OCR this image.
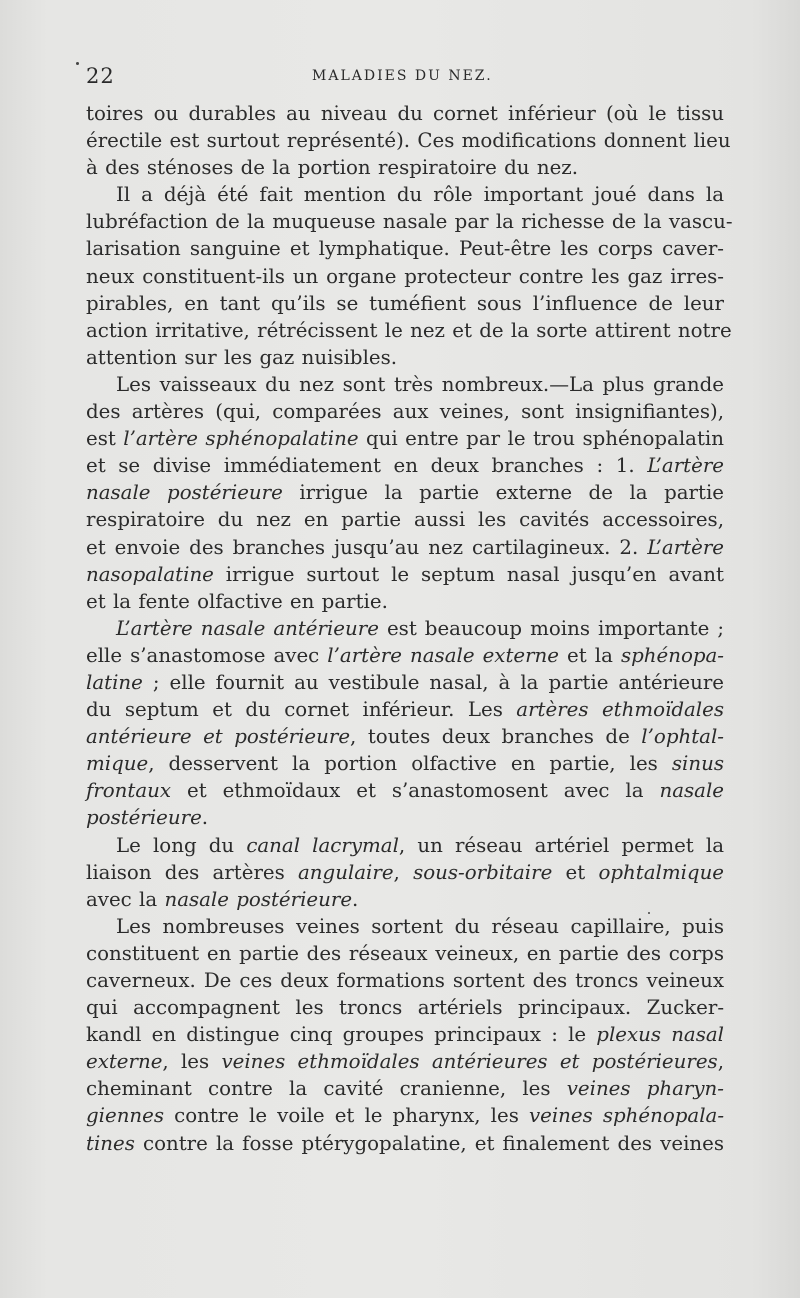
22	MALADIES DU NEZ.
toires ou durables au niveau du cornet inférieur (où le tissu
érectile est surtout représenté). Ces modifications donnent lieu
à des sténoses de la portion respiratoire du nez.
Il a déjà été fait mention du rôle important joué dans la
lubréfaction de la muqueuse nasale par la richesse de la vascu-
larisation sanguine et lymphatique. Peut-être les corps caver-
neux constituent-ils un organe protecteur contre les gaz irres-
pirables, en tant qu’ils se tuméfient sous l’influence de leur
action irritative, rétrécissent le nez et de la sorte attirent notre
attention sur les gaz nuisibles.
Les vaisseaux du nez sont très nombreux.—La plus grande
des artères (qui, comparées aux veines, sont insignifiantes),
est l’artère sphénopalatine qui entre par le trou sphénopalatin
et se divise immédiatement en deux branches : 1. L’artère
nasale postérieure irrigue la partie externe de la partie
respiratoire du nez en partie aussi les cavités accessoires,
et envoie des branches jusqu’au nez cartilagineux. 2. L’artère
nasopalatine irrigue surtout le septum nasal jusqu’en avant
et la fente olfactive en partie.
L’artère nasale antérieure est beaucoup moins importante ;
elle s’anastomose avec l’artère nasale externe et la sphénopa-
latine ; elle fournit au vestibule nasal, à la partie antérieure
du septum et du cornet inférieur. Les artères ethmoïdales
antérieure et postérieure, toutes deux branches de l’ophtal-
mique, desservent la portion olfactive en partie, les sinus
frontaux et ethmoïdaux et s’anastomosent avec la nasale
postérieure.
Le long du canal lacrymal, un réseau artériel permet la
liaison des artères angulaire, sous-orbitaire et ophtalmique
avec la nasale postérieure.
Les nombreuses veines sortent du réseau capillaire, puis
constituent en partie des réseaux veineux, en partie des corps
caverneux. De ces deux formations sortent des troncs veineux
qui accompagnent les troncs artériels principaux. Zucker-
kandl en distingue cinq groupes principaux : le plexus nasal
externe, les veines ethmoïdales antérieures et postérieures,
cheminant contre la cavité cranienne, les veines pharyn-
giennes contre le voile et le pharynx, les veines sphénopala-
tines contre la fosse ptérygopalatine, et finalement des veines
